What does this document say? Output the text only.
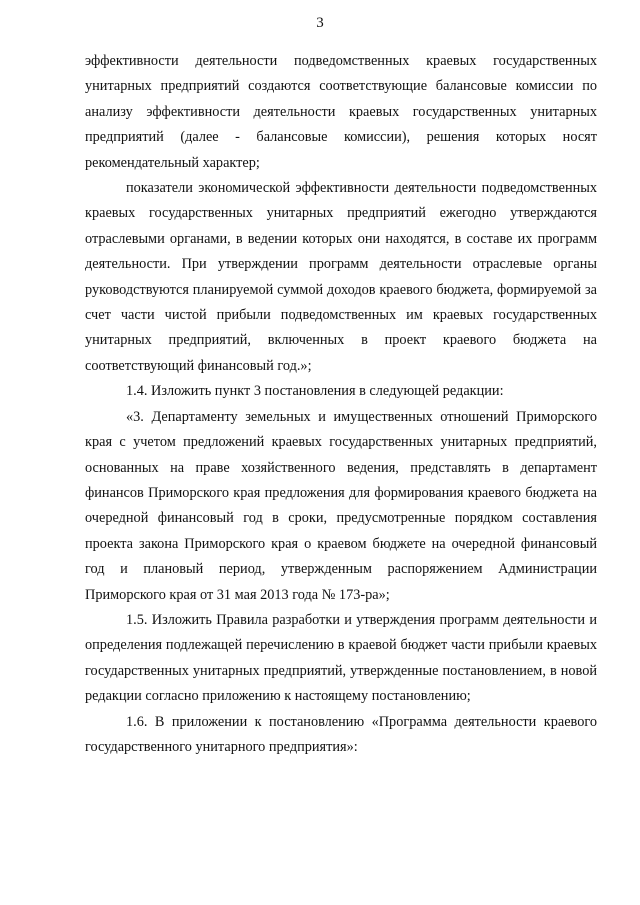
3

эффективности деятельности подведомственных краевых государственных унитарных предприятий создаются соответствующие балансовые комиссии по анализу эффективности деятельности краевых государственных унитарных предприятий (далее - балансовые комиссии), решения которых носят рекомендательный характер;

показатели экономической эффективности деятельности подведомственных краевых государственных унитарных предприятий ежегодно утверждаются отраслевыми органами, в ведении которых они находятся, в составе их программ деятельности. При утверждении программ деятельности отраслевые органы руководствуются планируемой суммой доходов краевого бюджета, формируемой за счет части чистой прибыли подведомственных им краевых государственных унитарных предприятий, включенных в проект краевого бюджета на соответствующий финансовый год.»;

1.4. Изложить пункт 3 постановления в следующей редакции:

«3. Департаменту земельных и имущественных отношений Приморского края с учетом предложений краевых государственных унитарных предприятий, основанных на праве хозяйственного ведения, представлять в департамент финансов Приморского края предложения для формирования краевого бюджета на очередной финансовый год в сроки, предусмотренные порядком составления проекта закона Приморского края о краевом бюджете на очередной финансовый год и плановый период, утвержденным распоряжением Администрации Приморского края от 31 мая 2013 года № 173-ра»;

1.5. Изложить Правила разработки и утверждения программ деятельности и определения подлежащей перечислению в краевой бюджет части прибыли краевых государственных унитарных предприятий, утвержденные постановлением, в новой редакции согласно приложению к настоящему постановлению;

1.6. В приложении к постановлению «Программа деятельности краевого государственного унитарного предприятия»:
